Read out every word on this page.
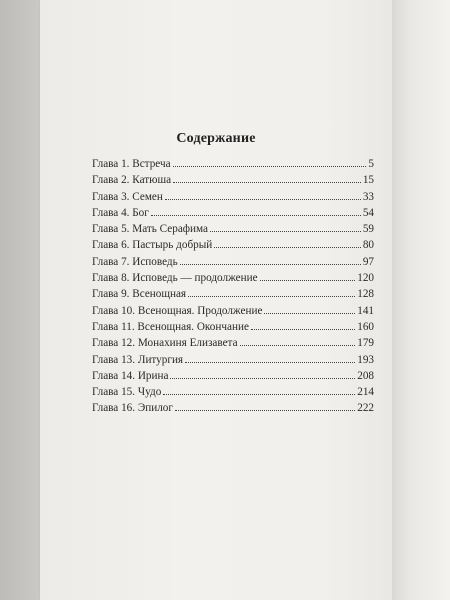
Содержание
Глава 1. Встреча	5
Глава 2. Катюша	15
Глава 3. Семен	33
Глава 4. Бог	54
Глава 5. Мать Серафима	59
Глава 6. Пастырь добрый	80
Глава 7. Исповедь	97
Глава 8. Исповедь — продолжение	120
Глава 9. Всенощная	128
Глава 10. Всенощная. Продолжение	141
Глава 11. Всенощная. Окончание	160
Глава 12. Монахиня Елизавета	179
Глава 13. Литургия	193
Глава 14. Ирина	208
Глава 15. Чудо	214
Глава 16. Эпилог	222
